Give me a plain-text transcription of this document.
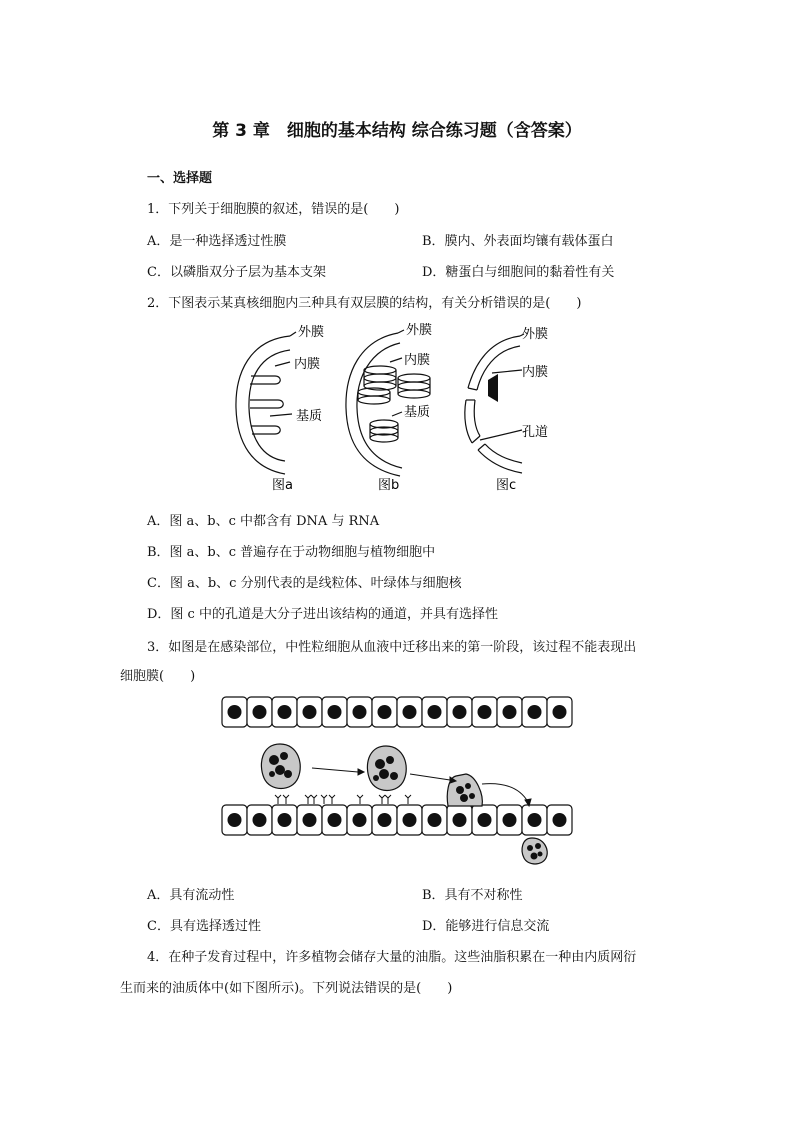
第 3 章　细胞的基本结构 综合练习题（含答案）
一、选择题
1．下列关于细胞膜的叙述，错误的是(　　)
A．是一种选择透过性膜	B．膜内、外表面均镶有载体蛋白
C．以磷脂双分子层为基本支架	D．糖蛋白与细胞间的黏着性有关
2．下图表示某真核细胞内三种具有双层膜的结构，有关分析错误的是(　　)
外膜
内膜
基质
图a
外膜
内膜
基质
图b
外膜
内膜
孔道
图c
A．图 a、b、c 中都含有 DNA 与 RNA
B．图 a、b、c 普遍存在于动物细胞与植物细胞中
C．图 a、b、c 分别代表的是线粒体、叶绿体与细胞核
D．图 c 中的孔道是大分子进出该结构的通道，并具有选择性
3．如图是在感染部位，中性粒细胞从血液中迁移出来的第一阶段，该过程不能表现出
细胞膜(　　)
A．具有流动性	B．具有不对称性
C．具有选择透过性	D．能够进行信息交流
4．在种子发育过程中，许多植物会储存大量的油脂。这些油脂积累在一种由内质网衍
生而来的油质体中(如下图所示)。下列说法错误的是(　　)
